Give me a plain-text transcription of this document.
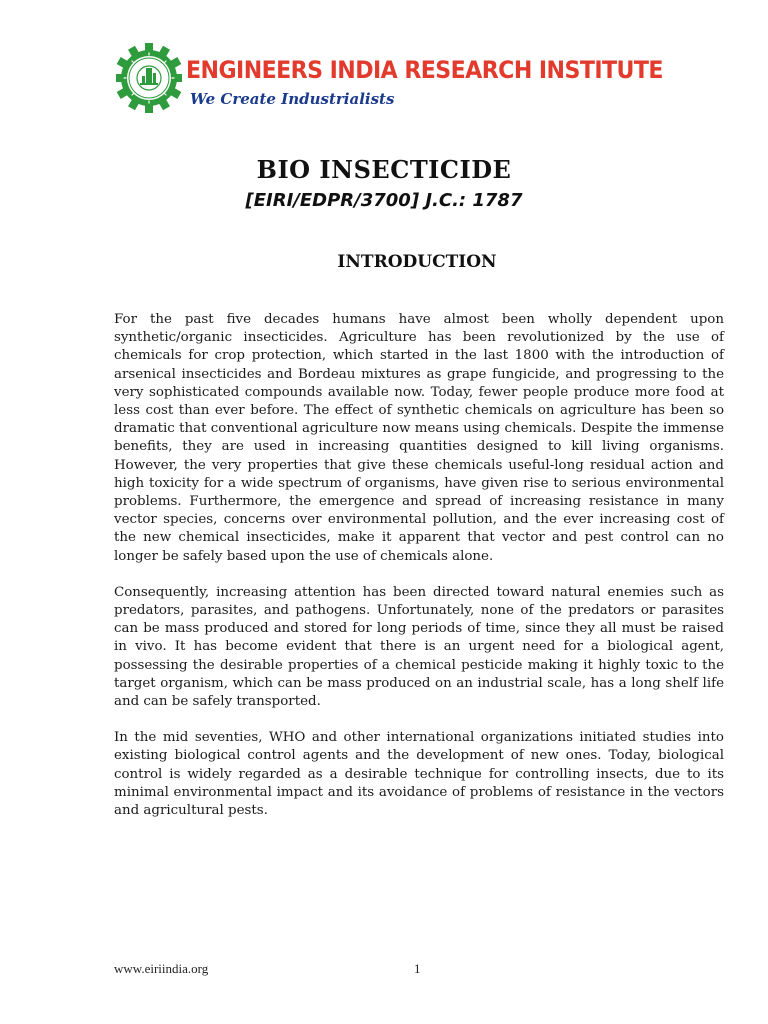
ENGINEERS INDIA RESEARCH INSTITUTE
We Create Industrialists
BIO INSECTICIDE
[EIRI/EDPR/3700] J.C.: 1787
INTRODUCTION

For the past five decades humans have almost been wholly dependent upon synthetic/organic insecticides. Agriculture has been revolutionized by the use of chemicals for crop protection, which started in the last 1800 with the introduction of arsenical insecticides and Bordeau mixtures as grape fungicide, and progressing to the very sophisticated compounds available now. Today, fewer people produce more food at less cost than ever before. The effect of synthetic chemicals on agriculture has been so dramatic that conventional agriculture now means using chemicals. Despite the immense benefits, they are used in increasing quantities designed to kill living organisms. However, the very properties that give these chemicals useful-long residual action and high toxicity for a wide spectrum of organisms, have given rise to serious environmental problems. Furthermore, the emergence and spread of increasing resistance in many vector species, concerns over environmental pollution, and the ever increasing cost of the new chemical insecticides, make it apparent that vector and pest control can no longer be safely based upon the use of chemicals alone.

Consequently, increasing attention has been directed toward natural enemies such as predators, parasites, and pathogens. Unfortunately, none of the predators or parasites can be mass produced and stored for long periods of time, since they all must be raised in vivo. It has become evident that there is an urgent need for a biological agent, possessing the desirable properties of a chemical pesticide making it highly toxic to the target organism, which can be mass produced on an industrial scale, has a long shelf life and can be safely transported.

In the mid seventies, WHO and other international organizations initiated studies into existing biological control agents and the development of new ones. Today, biological control is widely regarded as a desirable technique for controlling insects, due to its minimal environmental impact and its avoidance of problems of resistance in the vectors and agricultural pests.

www.eiriindia.org	1
